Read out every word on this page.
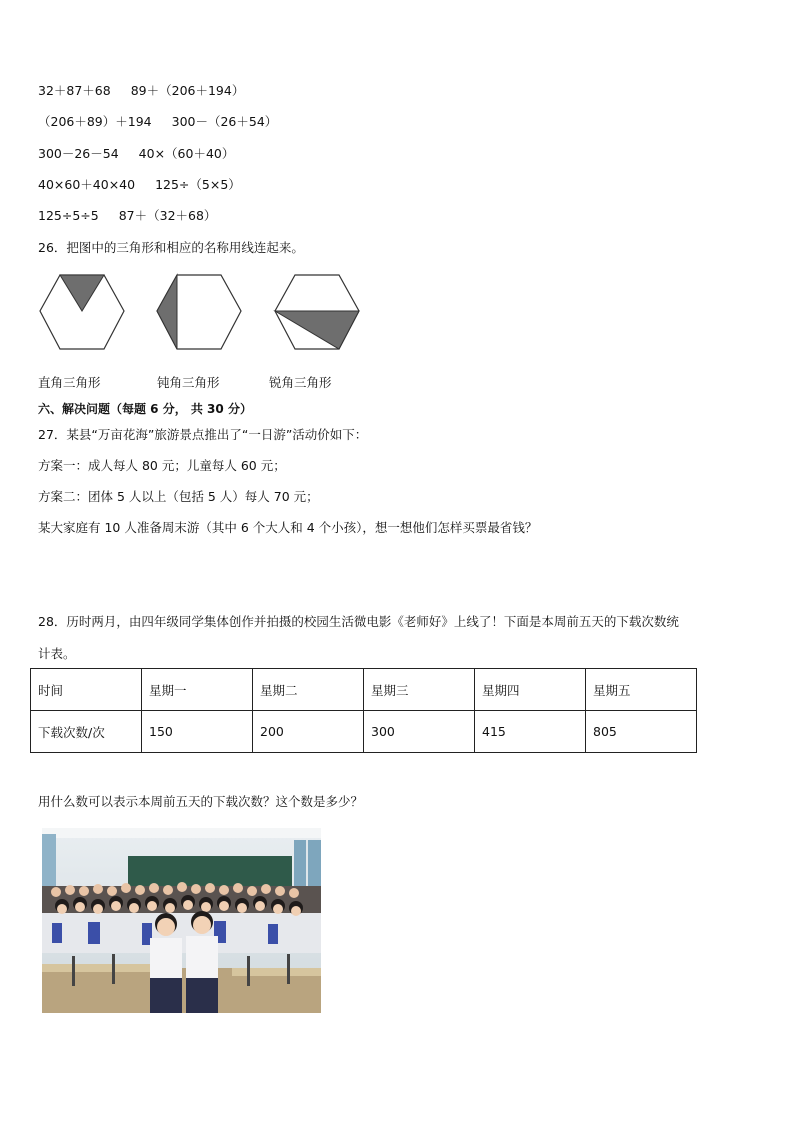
32＋87＋68 89＋（206＋194）
（206＋89）＋194 300－（26＋54）
300－26－54 40×（60＋40）
40×60＋40×40 125÷（5×5）
125÷5÷5 87＋（32＋68）
26．把图中的三角形和相应的名称用线连起来。
直角三角形	钝角三角形	锐角三角形
六、解决问题（每题 6 分， 共 30 分）
27．某县“万亩花海”旅游景点推出了“一日游”活动价如下：
方案一：成人每人 80 元；儿童每人 60 元；
方案二：团体 5 人以上（包括 5 人）每人 70 元；
某大家庭有 10 人准备周末游（其中 6 个大人和 4 个小孩），想一想他们怎样买票最省钱？
28．历时两月，由四年级同学集体创作并拍摄的校园生活微电影《老师好》上线了！下面是本周前五天的下载次数统
计表。
时间	星期一	星期二	星期三	星期四	星期五
下载次数/次	150	200	300	415	805
用什么数可以表示本周前五天的下载次数？这个数是多少？
